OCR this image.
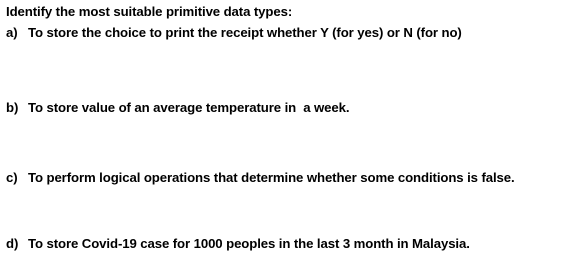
Identify the most suitable primitive data types:
a) To store the choice to print the receipt whether Y (for yes) or N (for no)
b) To store value of an average temperature in  a week.
c) To perform logical operations that determine whether some conditions is false.
d) To store Covid-19 case for 1000 peoples in the last 3 month in Malaysia.
